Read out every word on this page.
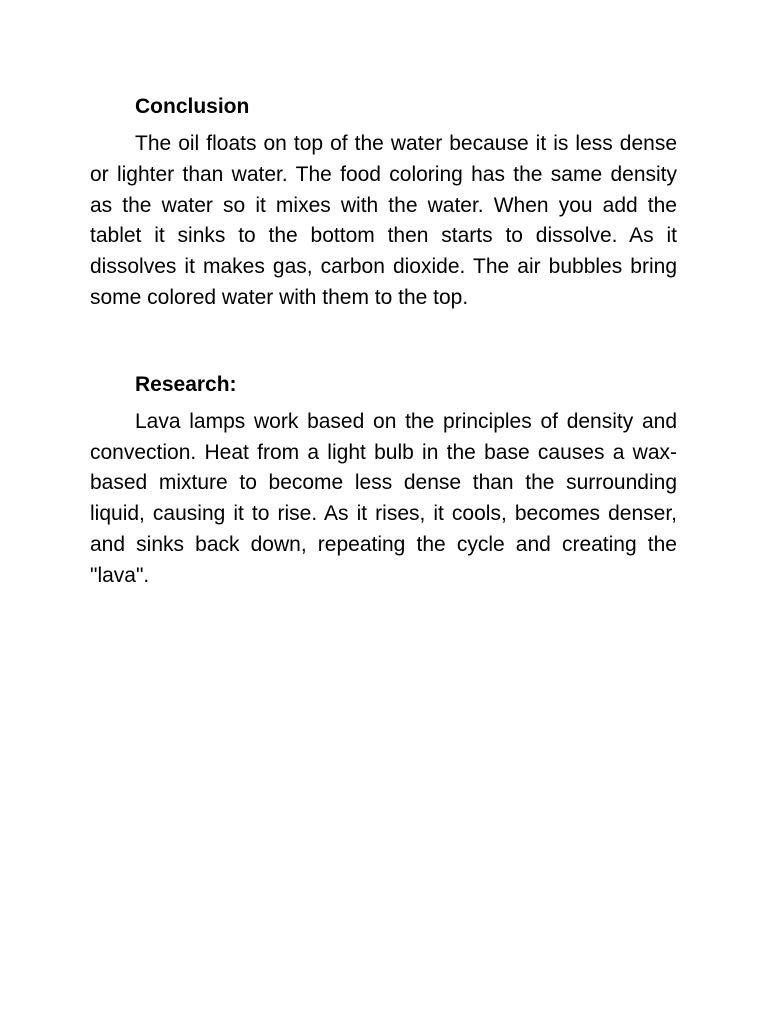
Conclusion

The oil floats on top of the water because it is less dense or lighter than water. The food coloring has the same density as the water so it mixes with the water. When you add the tablet it sinks to the bottom then starts to dissolve. As it dissolves it makes gas, carbon dioxide. The air bubbles bring some colored water with them to the top.

Research:

Lava lamps work based on the principles of density and convection. Heat from a light bulb in the base causes a wax-based mixture to become less dense than the surrounding liquid, causing it to rise. As it rises, it cools, becomes denser, and sinks back down, repeating the cycle and creating the "lava".
